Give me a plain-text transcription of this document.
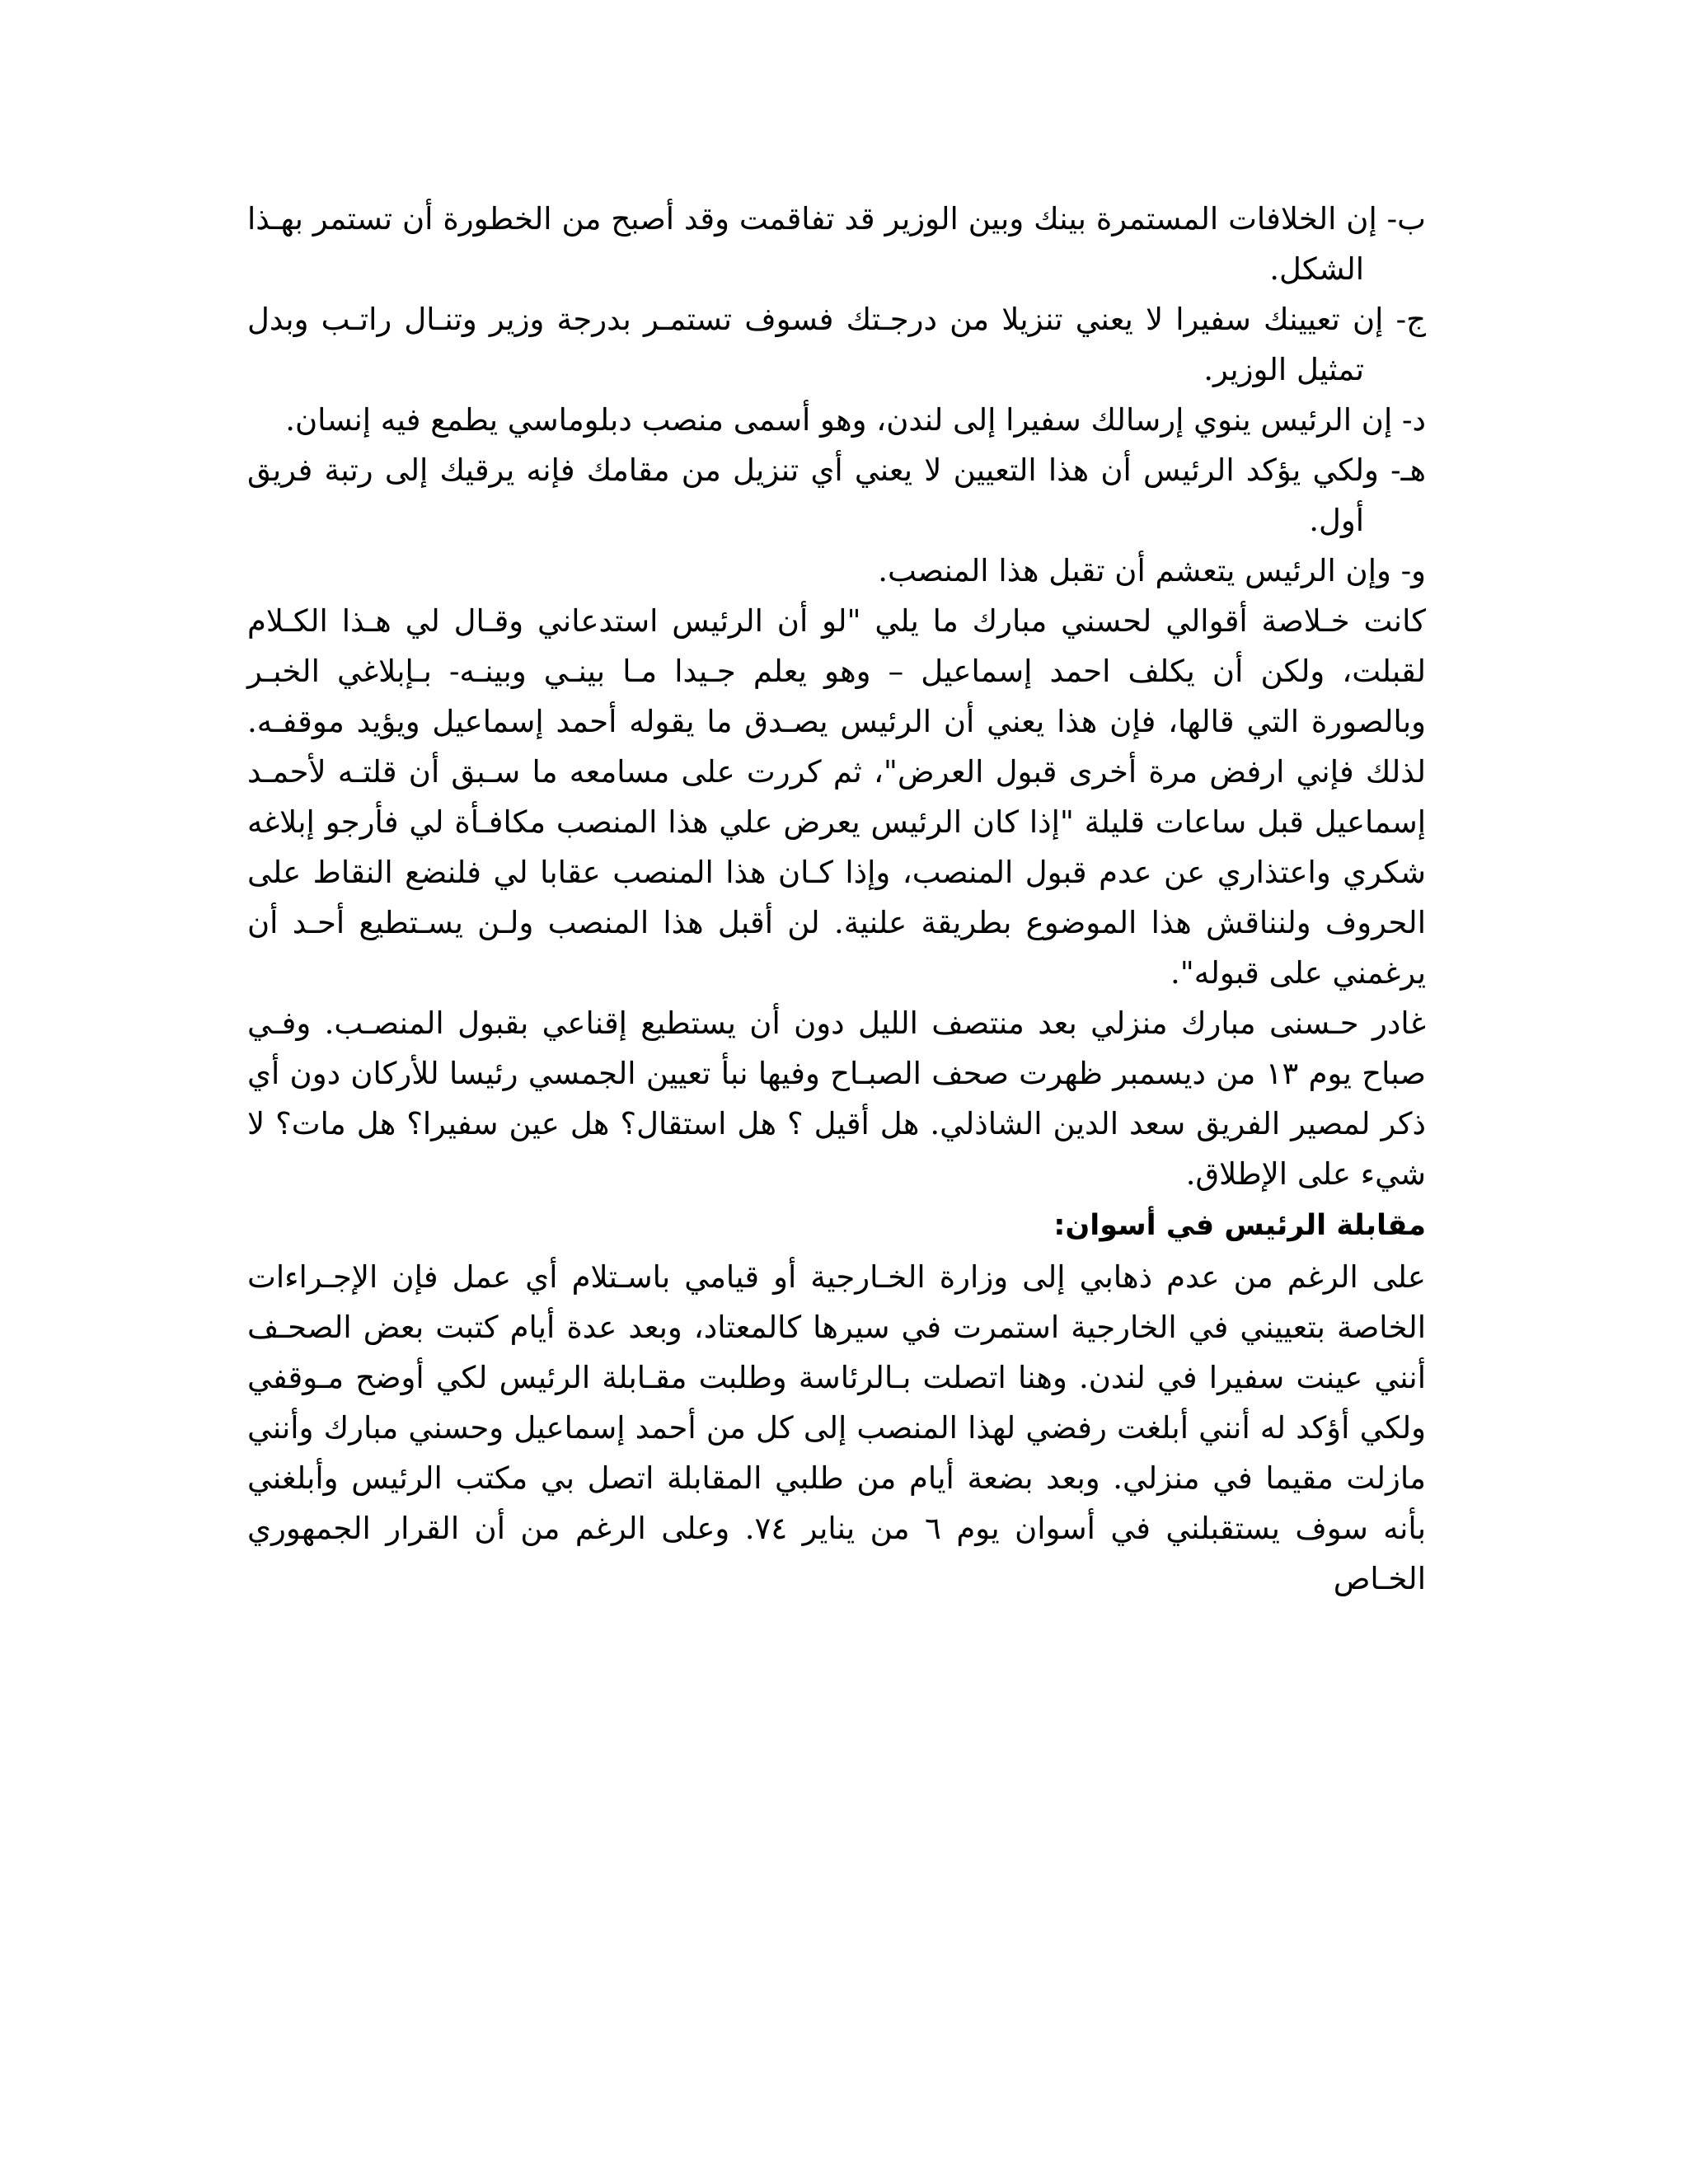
ب- إن الخلافات المستمرة بينك وبين الوزير قد تفاقمت وقد أصبح من الخطورة أن تستمر بهـذا الشكل.

ج- إن تعيينك سفيرا لا يعني تنزيلا من درجـتك فسوف تستمـر بدرجة وزير وتنـال راتـب وبدل تمثيل الوزير.

د- إن الرئيس ينوي إرسالك سفيرا إلى لندن، وهو أسمى منصب دبلوماسي يطمع فيه إنسان.

هـ- ولكي يؤكد الرئيس أن هذا التعيين لا يعني أي تنزيل من مقامك فإنه يرقيك إلى رتبة فريق أول.

و- وإن الرئيس يتعشم أن تقبل هذا المنصب.

كانت خـلاصة أقوالي لحسني مبارك ما يلي "لو أن الرئيس استدعاني وقـال لي هـذا الكـلام لقبلت، ولكن أن يكلف احمد إسماعيل – وهو يعلم جـيدا مـا بينـي وبينـه- بـإبلاغي الخبـر وبالصورة التي قالها، فإن هذا يعني أن الرئيس يصـدق ما يقوله أحمد إسماعيل ويؤيد موقفـه. لذلك فإني ارفض مرة أخرى قبول العرض"، ثم كررت على مسامعه ما سـبق أن قلتـه لأحمـد إسماعيل قبل ساعات قليلة "إذا كان الرئيس يعرض علي هذا المنصب مكافـأة لي فأرجو إبلاغه شكري واعتذاري عن عدم قبول المنصب، وإذا كـان هذا المنصب عقابا لي فلنضع النقاط على الحروف ولنناقش هذا الموضوع بطريقة علنية. لن أقبل هذا المنصب ولـن يسـتطيع أحـد أن يرغمني على قبوله".

غادر حـسنى مبارك منزلي بعد منتصف الليل دون أن يستطيع إقناعي بقبول المنصـب. وفـي صباح يوم ١٣ من ديسمبر ظهرت صحف الصبـاح وفيها نبأ تعيين الجمسي رئيسا للأركان دون أي ذكر لمصير الفريق سعد الدين الشاذلي. هل أقيل ؟ هل استقال؟ هل عين سفيرا؟ هل مات؟ لا شيء على الإطلاق.

مقابلة الرئيس في أسوان:

على الرغم من عدم ذهابي إلى وزارة الخـارجية أو قيامي باسـتلام أي عمل فإن الإجـراءات الخاصة بتعييني في الخارجية استمرت في سيرها كالمعتاد، وبعد عدة أيام كتبت بعض الصحـف أنني عينت سفيرا في لندن. وهنا اتصلت بـالرئاسة وطلبت مقـابلة الرئيس لكي أوضح مـوقفي ولكي أؤكد له أنني أبلغت رفضي لهذا المنصب إلى كل من أحمد إسماعيل وحسني مبارك وأنني مازلت مقيما في منزلي. وبعد بضعة أيام من طلبي المقابلة اتصل بي مكتب الرئيس وأبلغني بأنه سوف يستقبلني في أسوان يوم ٦ من يناير ٧٤. وعلى الرغم من أن القرار الجمهوري الخـاص
